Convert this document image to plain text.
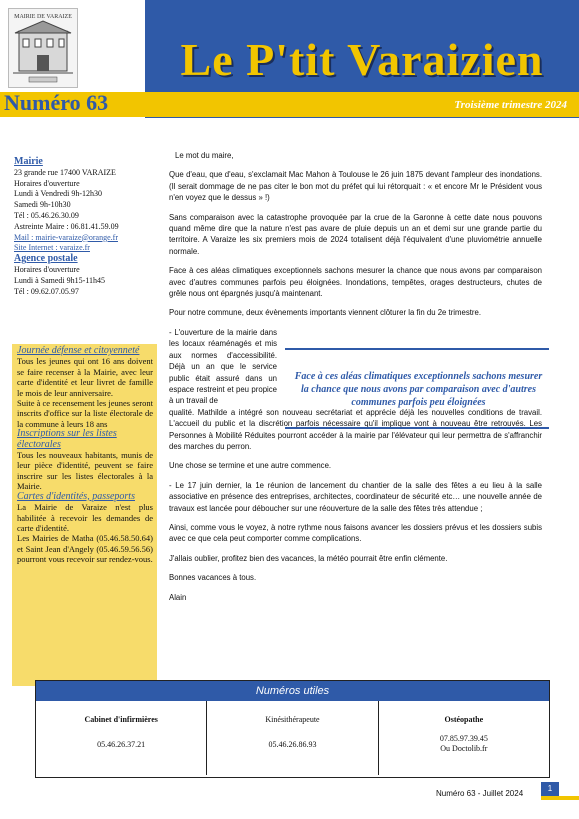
MAIRIE DE VARAIZE
Le P'tit Varaizien
Numéro 63	Troisième trimestre 2024
Mairie
23 grande rue 17400 VARAIZE
Horaires d'ouverture
Lundi à Vendredi 9h-12h30
Samedi 9h-10h30
Tél : 05.46.26.30.09
Astreinte Maire : 06.81.41.59.09
Mail : mairie-varaize@orange.fr
Site Internet : varaize.fr
Agence postale
Horaires d'ouverture
Lundi à Samedi 9h15-11h45
Tél : 09.62.07.05.97

Journée défense et citoyenneté

Tous les jeunes qui ont 16 ans doivent se faire recenser à la Mairie, avec leur carte d'identité et leur livret de famille le mois de leur anniversaire.

Suite à ce recensement les jeunes seront inscrits d'office sur la liste électorale de la commune à leurs 18 ans

Inscriptions sur les listes électorales

Tous les nouveaux habitants, munis de leur pièce d'identité, peuvent se faire inscrire sur les listes électorales à la Mairie.

Cartes d'identités, passeports

La Mairie de Varaize n'est plus habilitée à recevoir les demandes de carte d'identité.

Les Mairies de Matha (05.46.58.50.64) et Saint Jean d'Angely (05.46.59.56.56) pourront vous recevoir sur rendez-vous.

Le mot du maire,

Que d'eau, que d'eau, s'exclamait Mac Mahon à Toulouse le 26 juin 1875 devant l'ampleur des inondations. (Il serait dommage de ne pas citer le bon mot du préfet qui lui rétorquait : « et encore Mr le Président vous n'en voyez que le dessus » !)

Sans comparaison avec la catastrophe provoquée par la crue de la Garonne à cette date nous pouvons quand même dire que la nature n'est pas avare de pluie depuis un an et demi sur une grande partie du territoire. A Varaize les six premiers mois de 2024 totalisent déjà l'équivalent d'une pluviométrie annuelle normale.

Face à ces aléas climatiques exceptionnels sachons mesurer la chance que nous avons par comparaison avec d'autres communes parfois peu éloignées. Inondations, tempêtes, orages destructeurs, chutes de grêle nous ont épargnés jusqu'à maintenant.

Pour notre commune, deux évènements importants viennent clôturer la fin du 2e trimestre.

- L'ouverture de la mairie dans les locaux réaménagés et mis aux normes d'accessibilité. Déjà un an que le service public était assuré dans un espace restreint et peu propice à un travail de

qualité. Mathilde a intégré son nouveau secrétariat et apprécie déjà les nouvelles conditions de travail. L'accueil du public et la discrétion parfois nécessaire qu'il implique vont à nouveau être retrouvés. Les Personnes à Mobilité Réduites pourront accéder à la mairie par l'élévateur qui leur permettra de s'affranchir des marches du perron.

Une chose se termine et une autre commence.

- Le 17 juin dernier, la 1e réunion de lancement du chantier de la salle des fêtes a eu lieu à la salle associative en présence des entreprises, architectes, coordinateur de sécurité etc… une nouvelle année de travaux est lancée pour déboucher sur une réouverture de la salle des fêtes très attendue ;

Ainsi, comme vous le voyez, à notre rythme nous faisons avancer les dossiers prévus et les dossiers subis avec ce que cela peut comporter comme complications.

J'allais oublier, profitez bien des vacances, la météo pourrait être enfin clémente.

Bonnes vacances à tous.

Alain

Face à ces aléas climatiques exceptionnels sachons mesurer la chance que nous avons par comparaison avec d'autres communes parfois peu éloignées
Numéros utiles
Cabinet d'infirmières
05.46.26.37.21
Kinésithérapeute
05.46.26.86.93
Ostéopathe
07.85.97.39.45
Ou Doctolib.fr
Numéro 63 - Juillet 2024
1
